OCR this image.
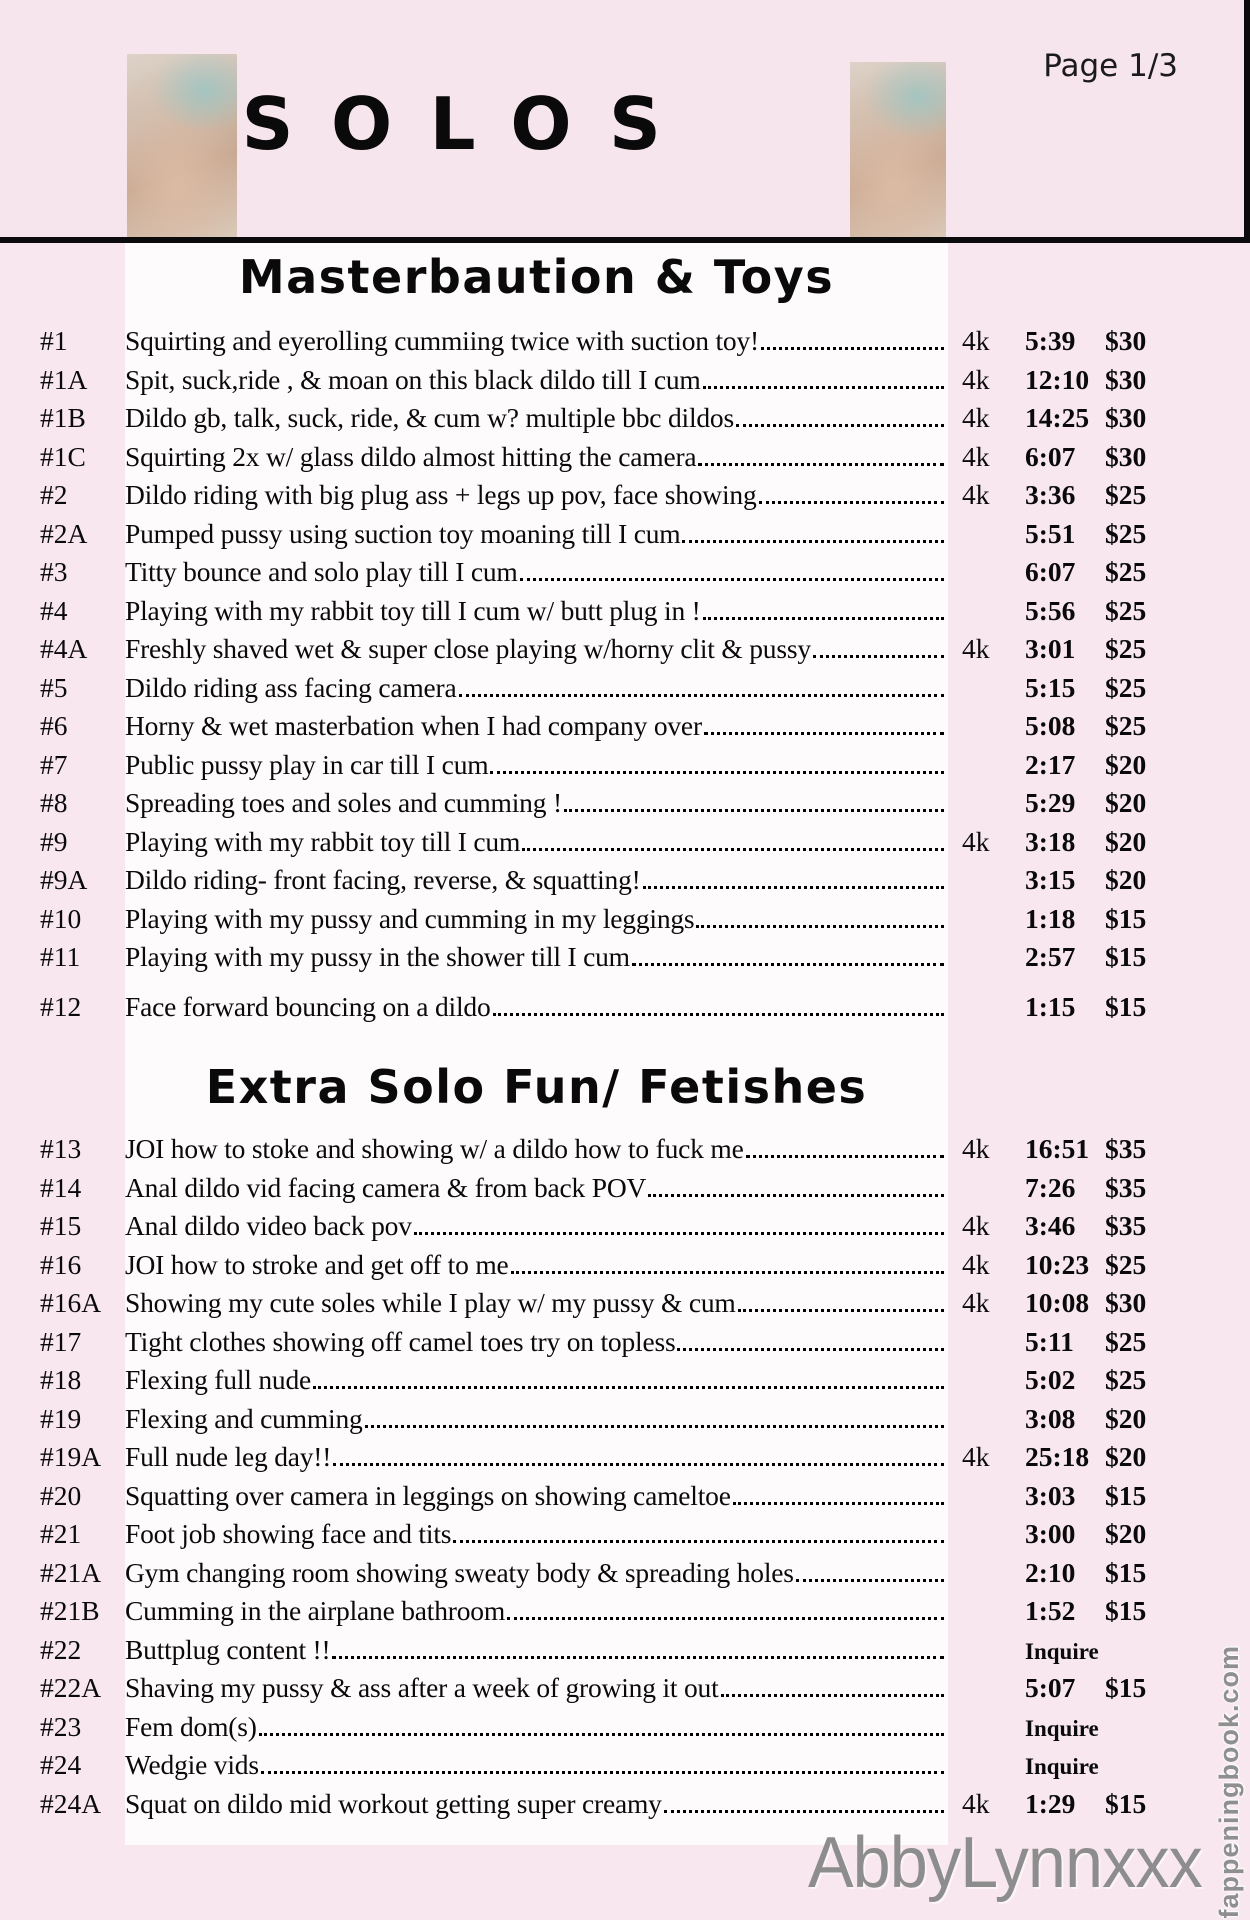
SOLOS
Page 1/3
Masterbaution & Toys
#1	Squirting and eyerolling cummiing twice with suction toy!	4k	5:39	$30
#1A	Spit, suck,ride , & moan on this black dildo till I cum	4k	12:10 $30
#1B	Dildo gb, talk, suck, ride, & cum w? multiple bbc dildos	4k	14:25 $30
#1C	Squirting 2x w/ glass dildo almost hitting the camera	4k	6:07	$30
#2	Dildo riding with big plug ass + legs up pov, face showing	4k	3:36	$25
#2A	Pumped pussy using suction toy moaning till I cum	5:51	$25
#3	Titty bounce and solo play till I cum	6:07	$25
#4	Playing with my rabbit toy till I cum w/ butt plug in !	5:56	$25
#4A	Freshly shaved wet & super close playing w/horny clit & pussy	4k	3:01	$25
#5	Dildo riding ass facing camera	5:15	$25
#6	Horny & wet masterbation when I had company over	5:08	$25
#7	Public pussy play in car till I cum	2:17	$20
#8	Spreading toes and soles and cumming !	5:29	$20
#9	Playing with my rabbit toy till I cum	4k	3:18	$20
#9A	Dildo riding- front facing, reverse, & squatting!	3:15	$20
#10	Playing with my pussy and cumming in my leggings	1:18	$15
#11	Playing with my pussy in the shower till I cum	2:57	$15
#12	Face forward bouncing on a dildo	1:15	$15
Extra Solo Fun/ Fetishes
#13	JOI how to stoke and showing w/ a dildo how to fuck me	4k	16:51 $35
#14	Anal dildo vid facing camera & from back POV	7:26	$35
#15	Anal dildo video back pov	4k	3:46	$35
#16	JOI how to stroke and get off to me	4k	10:23 $25
#16A Showing my cute soles while I play w/ my pussy & cum	4k	10:08 $30
#17	Tight clothes showing off camel toes try on topless	5:11	$25
#18	Flexing full nude	5:02	$25
#19	Flexing and cumming	3:08	$20
#19A Full nude leg day!!	4k	25:18 $20
#20	Squatting over camera in leggings on showing cameltoe	3:03	$15
#21	Foot job showing face and tits	3:00	$20
#21A Gym changing room showing sweaty body & spreading holes	2:10	$15
#21B Cumming in the airplane bathroom	1:52	$15
#22	Buttplug content !!	Inquire
#22A Shaving my pussy & ass after a week of growing it out	5:07	$15
#23	Fem dom(s)	Inquire
#24	Wedgie vids	Inquire
#24A Squat on dildo mid workout getting super creamy	4k	1:29	$15
AbbyLynnxxx fappeningbook.com
